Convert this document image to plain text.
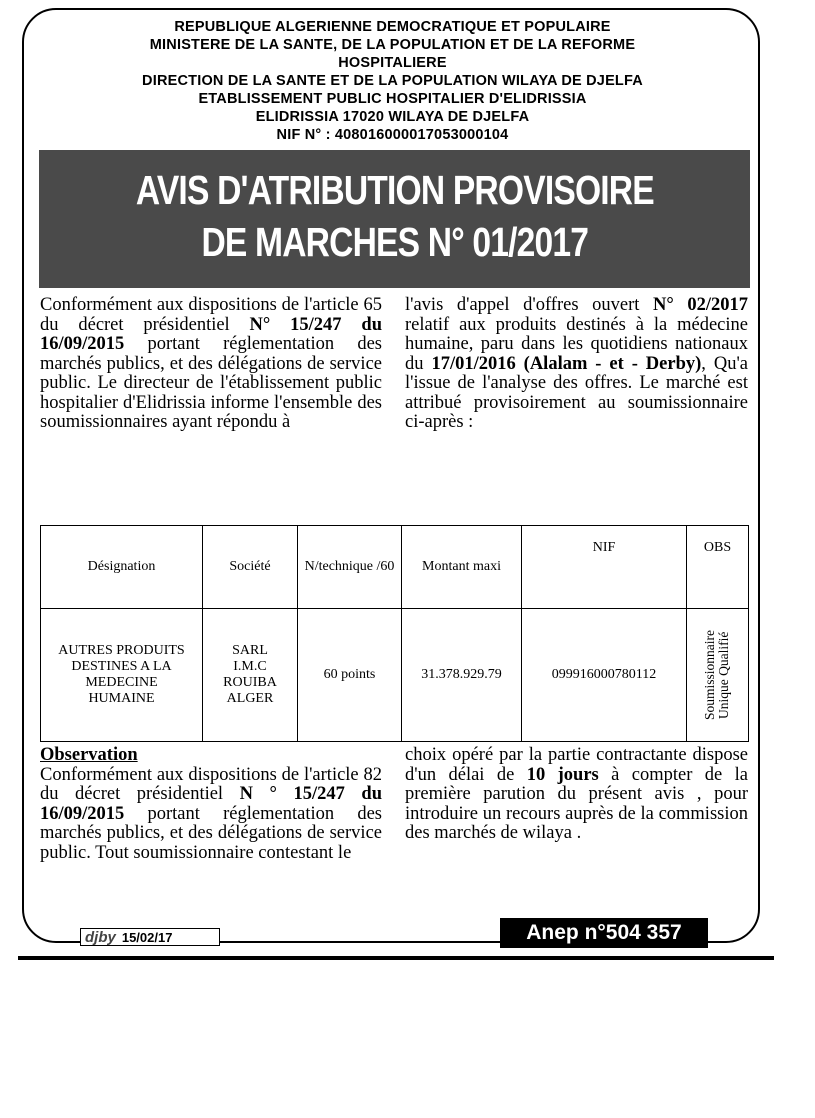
REPUBLIQUE ALGERIENNE DEMOCRATIQUE ET POPULAIRE
MINISTERE DE LA SANTE, DE LA POPULATION ET DE LA REFORME
HOSPITALIERE
DIRECTION DE LA SANTE ET DE LA POPULATION WILAYA DE DJELFA
ETABLISSEMENT PUBLIC HOSPITALIER D'ELIDRISSIA
ELIDRISSIA 17020 WILAYA DE DJELFA
NIF N° : 408016000017053000104
AVIS D'ATRIBUTION PROVISOIRE
DE MARCHES N° 01/2017
Conformément aux dispositions de l'article 65 du décret présidentiel N° 15/247 du 16/09/2015 portant réglementation des marchés publics, et des délégations de service public. Le directeur de l'établissement public hospitalier d'Elidrissia informe l'ensemble des soumissionnaires ayant répondu à
l'avis d'appel d'offres ouvert N° 02/2017 relatif aux produits destinés à la médecine humaine, paru dans les quotidiens nationaux du 17/01/2016 (Alalam - et - Derby), Qu'a l'issue de l'analyse des offres. Le marché est attribué provisoirement au soumissionnaire ci-après :
Désignation	Société	N/technique /60	Montant maxi	NIF	OBS
AUTRES PRODUITS DESTINES A LA MEDECINE HUMAINE	SARL I.M.C ROUIBA ALGER	60 points	31.378.929.79	099916000780112	Soumissionnaire Unique Qualifié
Observation
Conformément aux dispositions de l'article 82 du décret présidentiel N ° 15/247 du 16/09/2015 portant réglementation des marchés publics, et des délégations de service public. Tout soumissionnaire contestant le
choix opéré par la partie contractante dispose d'un délai de 10 jours à compter de la première parution du présent avis , pour introduire un recours auprès de la commission des marchés de wilaya .
djby 15/02/17	Anep n°504 357
